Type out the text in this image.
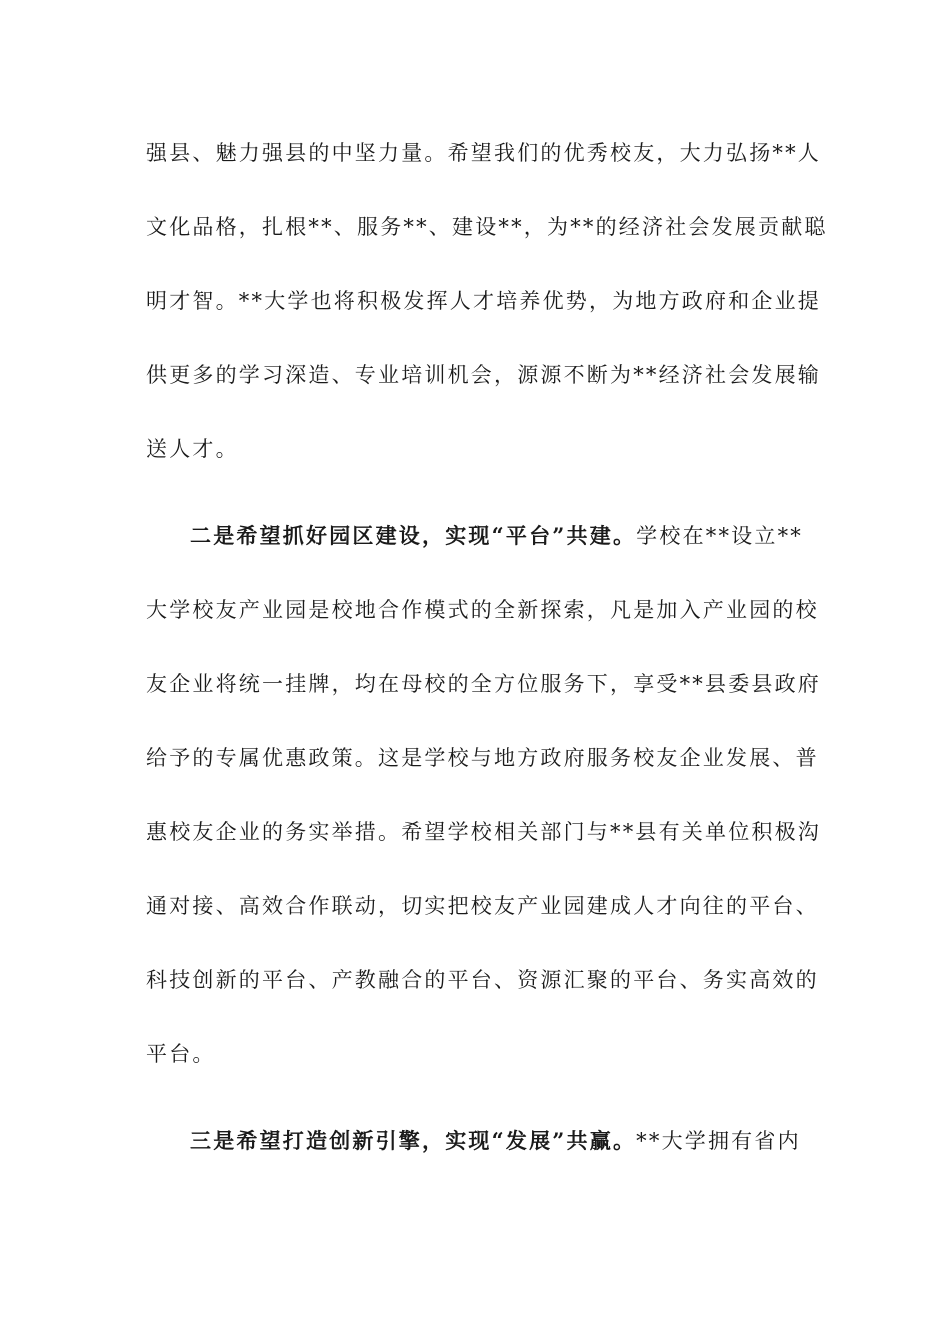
强县、魅力强县的中坚力量。希望我们的优秀校友，大力弘扬**人
文化品格，扎根**、服务**、建设**，为**的经济社会发展贡献聪
明才智。**大学也将积极发挥人才培养优势，为地方政府和企业提
供更多的学习深造、专业培训机会，源源不断为**经济社会发展输
送人才。
二是希望抓好园区建设，实现“平台”共建。学校在**设立**
大学校友产业园是校地合作模式的全新探索，凡是加入产业园的校
友企业将统一挂牌，均在母校的全方位服务下，享受**县委县政府
给予的专属优惠政策。这是学校与地方政府服务校友企业发展、普
惠校友企业的务实举措。希望学校相关部门与**县有关单位积极沟
通对接、高效合作联动，切实把校友产业园建成人才向往的平台、
科技创新的平台、产教融合的平台、资源汇聚的平台、务实高效的
平台。
三是希望打造创新引擎，实现“发展”共赢。**大学拥有省内
